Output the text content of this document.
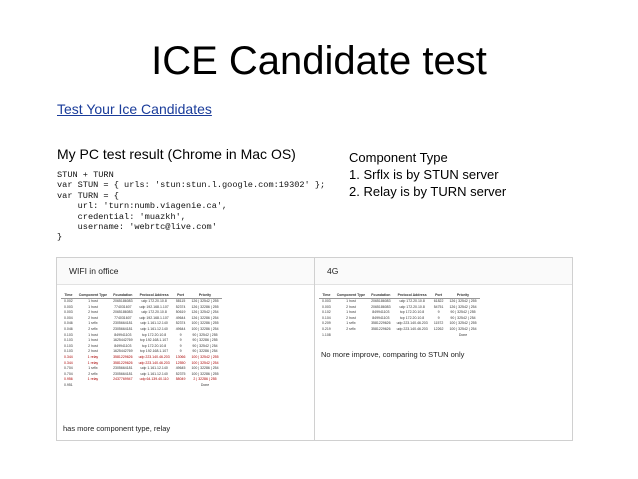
ICE Candidate test
Test Your Ice Candidates
My PC test result (Chrome in Mac OS)	Component Type
1. Srflx is by STUN server
2. Relay is by TURN server
STUN + TURN
var STUN = { urls: 'stun:stun.l.google.com:19302' };
var TURN = {
url: 'turn:numb.viagenie.ca',
credential: 'muazkh',
username: 'webrtc@live.com'
}
WIFI in office
Time	Component Type	Foundation	Protocol Address	Port	Priority
0.002	1 host	2065186083	udp 172.20.10.8	58115	126 | 32542 | 255
0.003	1 host	774031607	udp 192.168.1.107	52374	126 | 32286 | 255
0.003	2 host	2065186083	udp 172.20.10.8	50619	126 | 32542 | 254
0.004	2 host	774031607	udp 192.168.1.107	49644	126 | 32286 | 254
0.046	1 srflx	2305664181	udp 1.161.12.140	52374	100 | 32286 | 255
0.046	2 srflx	2305664181	udp 1.161.12.140	49644	100 | 32286 | 254
0.103	1 host	849941103	tcp 172.20.10.8	9	90 | 32542 | 255
0.103	1 host	1625442769	tcp 192.168.1.107	9	90 | 32286 | 255
0.103	2 host	849941103	tcp 172.20.10.8	9	90 | 32542 | 254
0.103	2 host	1625442769	tcp 192.168.1.107	9	90 | 32286 | 254
0.344	1 relay	3581229626	udp 223.140.46.203	13066	100 | 32542 | 255
0.344	1 relay	3581229626	udp 223.140.46.203	12550	100 | 32542 | 254
0.704	1 srflx	2305664181	udp 1.161.12.140	49645	100 | 32286 | 254
0.704	2 srflx	2305664181	udp 1.161.12.140	52375	100 | 32286 | 255
0.956	1 relay	2437769947	udp 64.139.40.110	58049	2 | 32286 | 255
0.951					Done
has more component type, relay
4G
Time	Component Type	Foundation	Protocol Address	Port	Priority
0.003	1 host	2065186083	udp 172.20.10.8	61822	126 | 32542 | 255
0.003	2 host	2065186083	udp 172.20.10.8	54751	126 | 32542 | 254
0.102	1 host	849941103	tcp 172.20.10.8	9	90 | 32542 | 255
0.104	2 host	849941103	tcp 172.20.10.8	9	90 | 32542 | 254
0.209	1 srflx	3581229626	udp 223.140.46.203	11572	100 | 32542 | 255
0.219	2 srflx	3581229626	udp 223.140.46.203	12262	100 | 32542 | 254
1.108					Done
No more improve, comparing to STUN only
